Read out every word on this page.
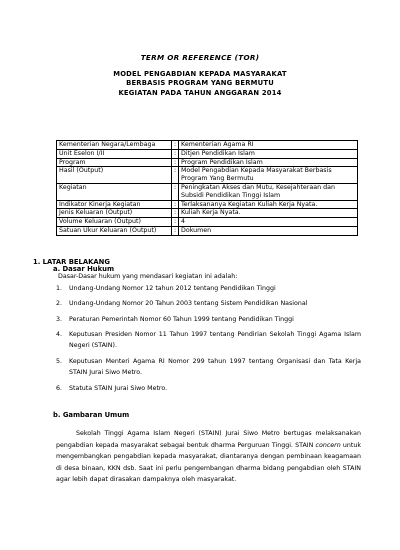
TERM OR REFERENCE (TOR)
MODEL PENGABDIAN KEPADA MASYARAKAT
BERBASIS PROGRAM YANG BERMUTU
KEGIATAN PADA TAHUN ANGGARAN 2014
Kementerian Negara/Lembaga	:	Kementerian Agama RI
Unit Eselon I/II	:	Ditjen Pendidikan Islam
Program	:	Program Pendidikan Islam
Hasil (Output)	:	Model Pengabdian Kepada Masyarakat Berbasis Program Yang Bermutu
Kegiatan	:	Peningkatan Akses dan Mutu, Kesejahteraan dan Subsidi Pendidikan Tinggi Islam
Indikator Kinerja Kegiatan	:	Terlaksananya Kegiatan Kuliah Kerja Nyata.
Jenis Keluaran (Output)	:	Kuliah Kerja Nyata.
Volume Keluaran (Output)	:	4
Satuan Ukur Keluaran (Output)	:	Dokumen
1. LATAR BELAKANG
a. Dasar Hukum
Dasar-Dasar hukum yang mendasari kegiatan ini adalah:
1. Undang-Undang Nomor 12 tahun 2012 tentang Pendidikan Tinggi
2. Undang-Undang Nomor 20 Tahun 2003 tentang Sistem Pendidikan Nasional
3. Peraturan Pemerintah Nomor 60 Tahun 1999 tentang Pendidikan Tinggi
4. Keputusan Presiden Nomor 11 Tahun 1997 tentang Pendirian Sekolah Tinggi Agama Islam Negeri (STAIN).
5. Keputusan Menteri Agama RI Nomor 299 tahun 1997 tentang Organisasi dan Tata Kerja STAIN Jurai Siwo Metro.
6. Statuta STAIN Jurai Siwo Metro.
b. Gambaran Umum

Sekolah Tinggi Agama Islam Negeri (STAIN) Jurai Siwo Metro bertugas melaksanakan pengabdian kepada masyarakat sebagai bentuk dharma Perguruan Tinggi. STAIN concern untuk mengembangkan pengabdian kepada masyarakat, diantaranya dengan pembinaan keagamaan di desa binaan, KKN dsb. Saat ini perlu pengembangan dharma bidang pengabdian oleh STAIN agar lebih dapat dirasakan dampaknya oleh masyarakat.
